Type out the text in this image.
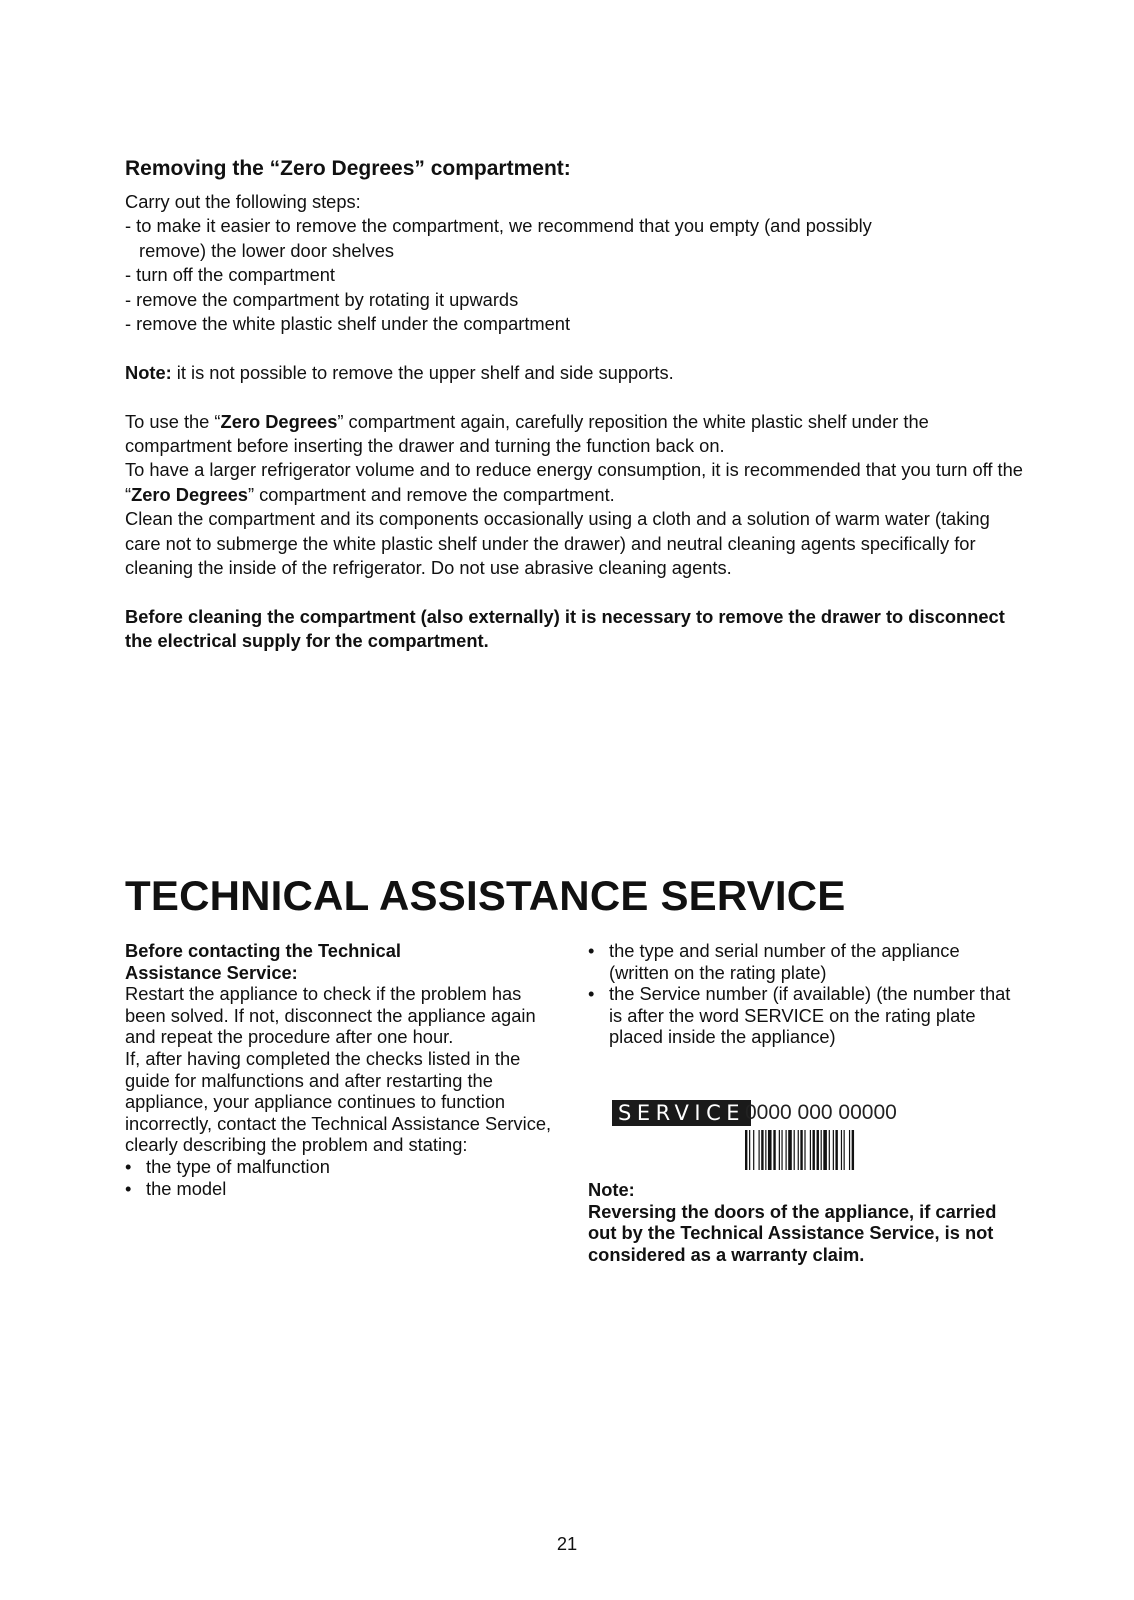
Removing the “Zero Degrees” compartment:

Carry out the following steps:

- to make it easier to remove the compartment, we recommend that you empty (and possibly

remove) the lower door shelves

- turn off the compartment

- remove the compartment by rotating it upwards

- remove the white plastic shelf under the compartment

Note: it is not possible to remove the upper shelf and side supports.

To use the “Zero Degrees” compartment again, carefully reposition the white plastic shelf under the compartment before inserting the drawer and turning the function back on.

To have a larger refrigerator volume and to reduce energy consumption, it is recommended that you turn off the “Zero Degrees” compartment and remove the compartment.

Clean the compartment and its components occasionally using a cloth and a solution of warm water (taking care not to submerge the white plastic shelf under the drawer) and neutral cleaning agents specifically for cleaning the inside of the refrigerator. Do not use abrasive cleaning agents.

Before cleaning the compartment (also externally) it is necessary to remove the drawer to disconnect the electrical supply for the compartment.

TECHNICAL ASSISTANCE SERVICE
Before contacting the Technical Assistance Service:
Restart the appliance to check if the problem has been solved. If not, disconnect the appliance again and repeat the procedure after one hour.
If, after having completed the checks listed in the guide for malfunctions and after restarting the appliance, your appliance continues to function incorrectly, contact the Technical Assistance Service, clearly describing the problem and stating:
• the type of malfunction
• the model
• the type and serial number of the appliance (written on the rating plate)
• the Service number (if available) (the number that is after the word SERVICE on the rating plate placed inside the appliance)
SERVICE 0000 000 00000
Note:
Reversing the doors of the appliance, if carried out by the Technical Assistance Service, is not considered as a warranty claim.
21
